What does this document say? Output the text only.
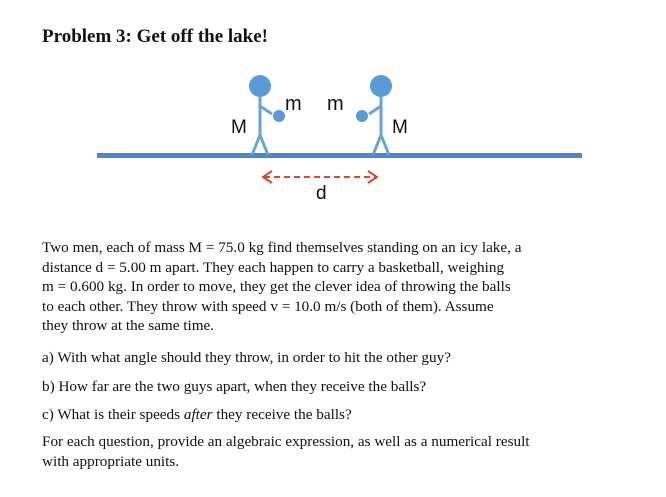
Problem 3: Get off the lake!
M	M
m m
d
Two men, each of mass M = 75.0 kg find themselves standing on an icy lake, a
distance d = 5.00 m apart. They each happen to carry a basketball, weighing
m = 0.600 kg. In order to move, they get the clever idea of throwing the balls
to each other. They throw with speed v = 10.0 m/s (both of them). Assume
they throw at the same time.
a) With what angle should they throw, in order to hit the other guy?
b) How far are the two guys apart, when they receive the balls?
c) What is their speeds after they receive the balls?
For each question, provide an algebraic expression, as well as a numerical result
with appropriate units.
